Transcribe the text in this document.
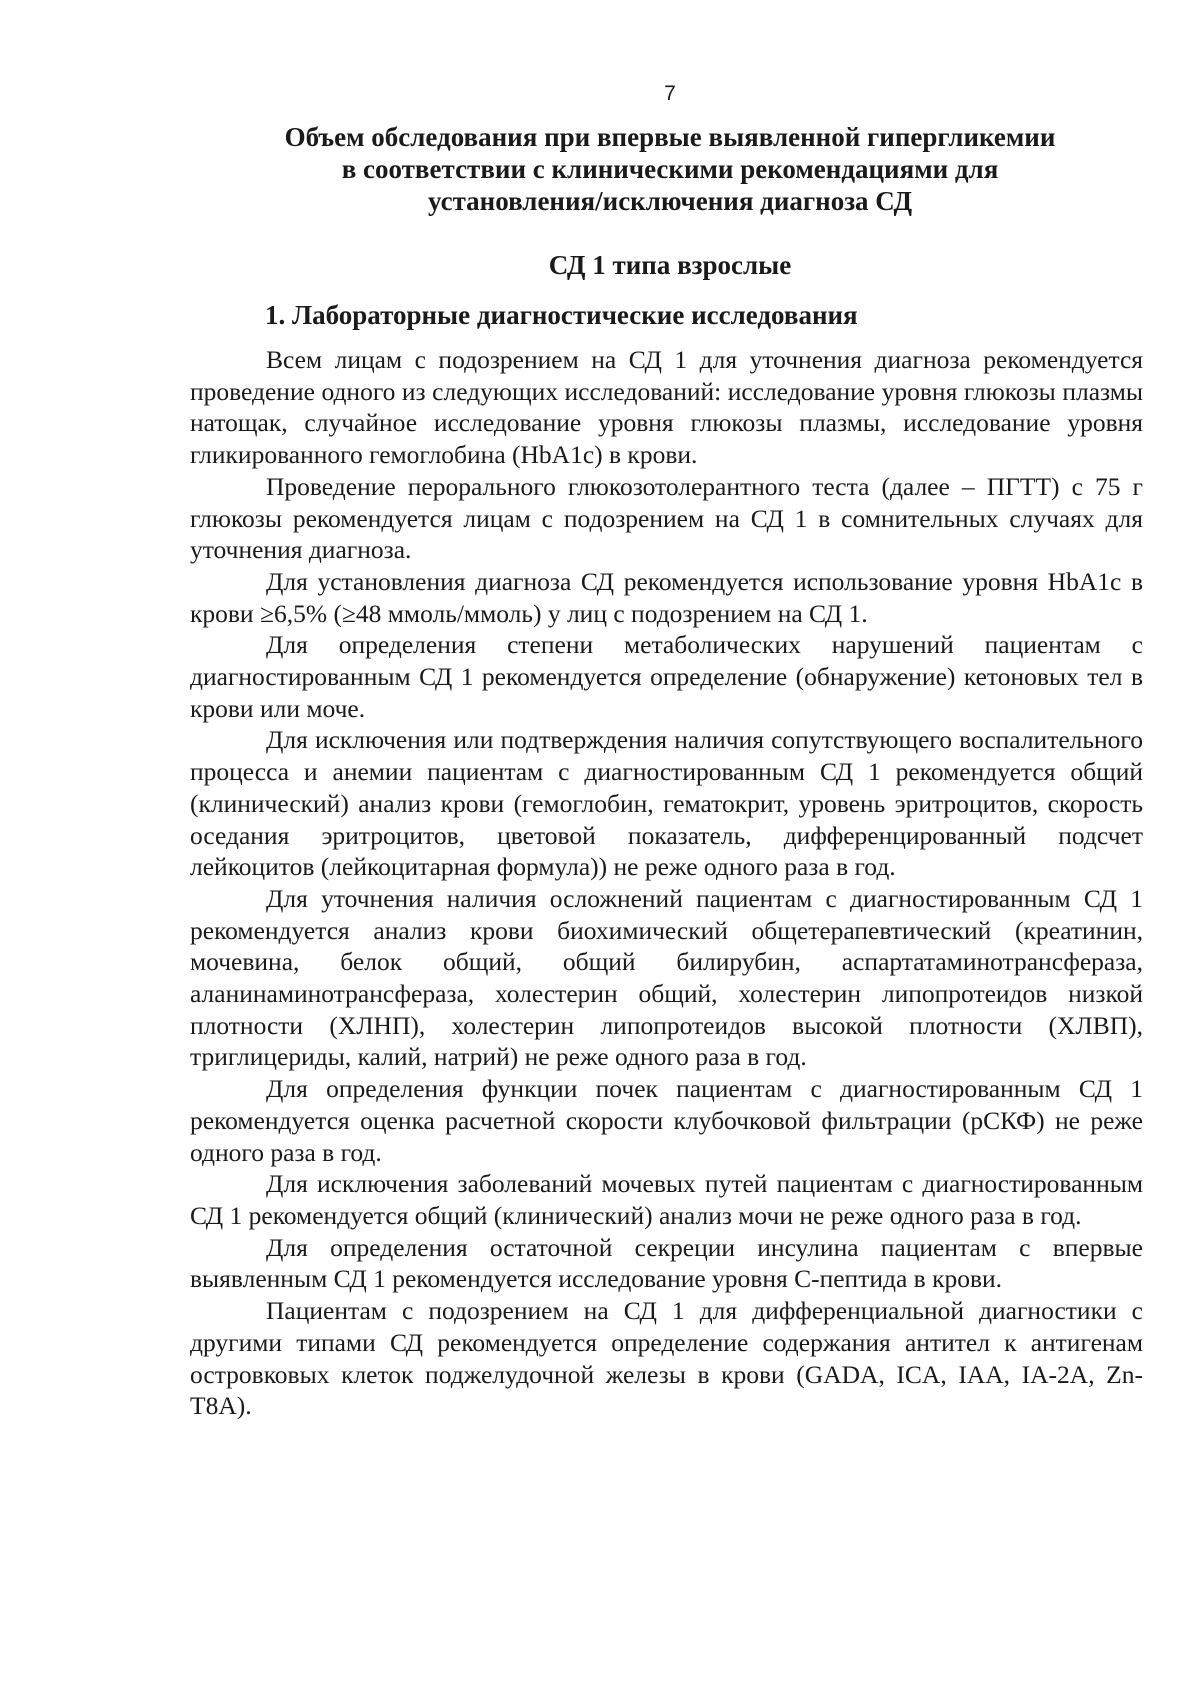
7
Объем обследования при впервые выявленной гипергликемии
в соответствии с клиническими рекомендациями для
установления/исключения диагноза СД
СД 1 типа взрослые
1. Лабораторные диагностические исследования

Всем лицам с подозрением на СД 1 для уточнения диагноза рекомендуется проведение одного из следующих исследований: исследование уровня глюкозы плазмы натощак, случайное исследование уровня глюкозы плазмы, исследование уровня гликированного гемоглобина (HbA1c) в крови.

Проведение перорального глюкозотолерантного теста (далее – ПГТТ) с 75 г глюкозы рекомендуется лицам с подозрением на СД 1 в сомнительных случаях для уточнения диагноза.

Для установления диагноза СД рекомендуется использование уровня HbA1c в крови ≥6,5% (≥48 ммоль/ммоль) у лиц с подозрением на СД 1.

Для определения степени метаболических нарушений пациентам с диагностированным СД 1 рекомендуется определение (обнаружение) кетоновых тел в крови или моче.

Для исключения или подтверждения наличия сопутствующего воспалительного процесса и анемии пациентам с диагностированным СД 1 рекомендуется общий (клинический) анализ крови (гемоглобин, гематокрит, уровень эритроцитов, скорость оседания эритроцитов, цветовой показатель, дифференцированный подсчет лейкоцитов (лейкоцитарная формула)) не реже одного раза в год.

Для уточнения наличия осложнений пациентам с диагностированным СД 1 рекомендуется анализ крови биохимический общетерапевтический (креатинин, мочевина, белок общий, общий билирубин, аспартатаминотрансфераза, аланинаминотрансфераза, холестерин общий, холестерин липопротеидов низкой плотности (ХЛНП), холестерин липопротеидов высокой плотности (ХЛВП), триглицериды, калий, натрий) не реже одного раза в год.

Для определения функции почек пациентам с диагностированным СД 1 рекомендуется оценка расчетной скорости клубочковой фильтрации (рСКФ) не реже одного раза в год.

Для исключения заболеваний мочевых путей пациентам с диагностированным СД 1 рекомендуется общий (клинический) анализ мочи не реже одного раза в год.

Для определения остаточной секреции инсулина пациентам с впервые выявленным СД 1 рекомендуется исследование уровня С-пептида в крови.

Пациентам с подозрением на СД 1 для дифференциальной диагностики с другими типами СД рекомендуется определение содержания антител к антигенам островковых клеток поджелудочной железы в крови (GADA, ICA, IAA, IA-2A, Zn-T8A).
